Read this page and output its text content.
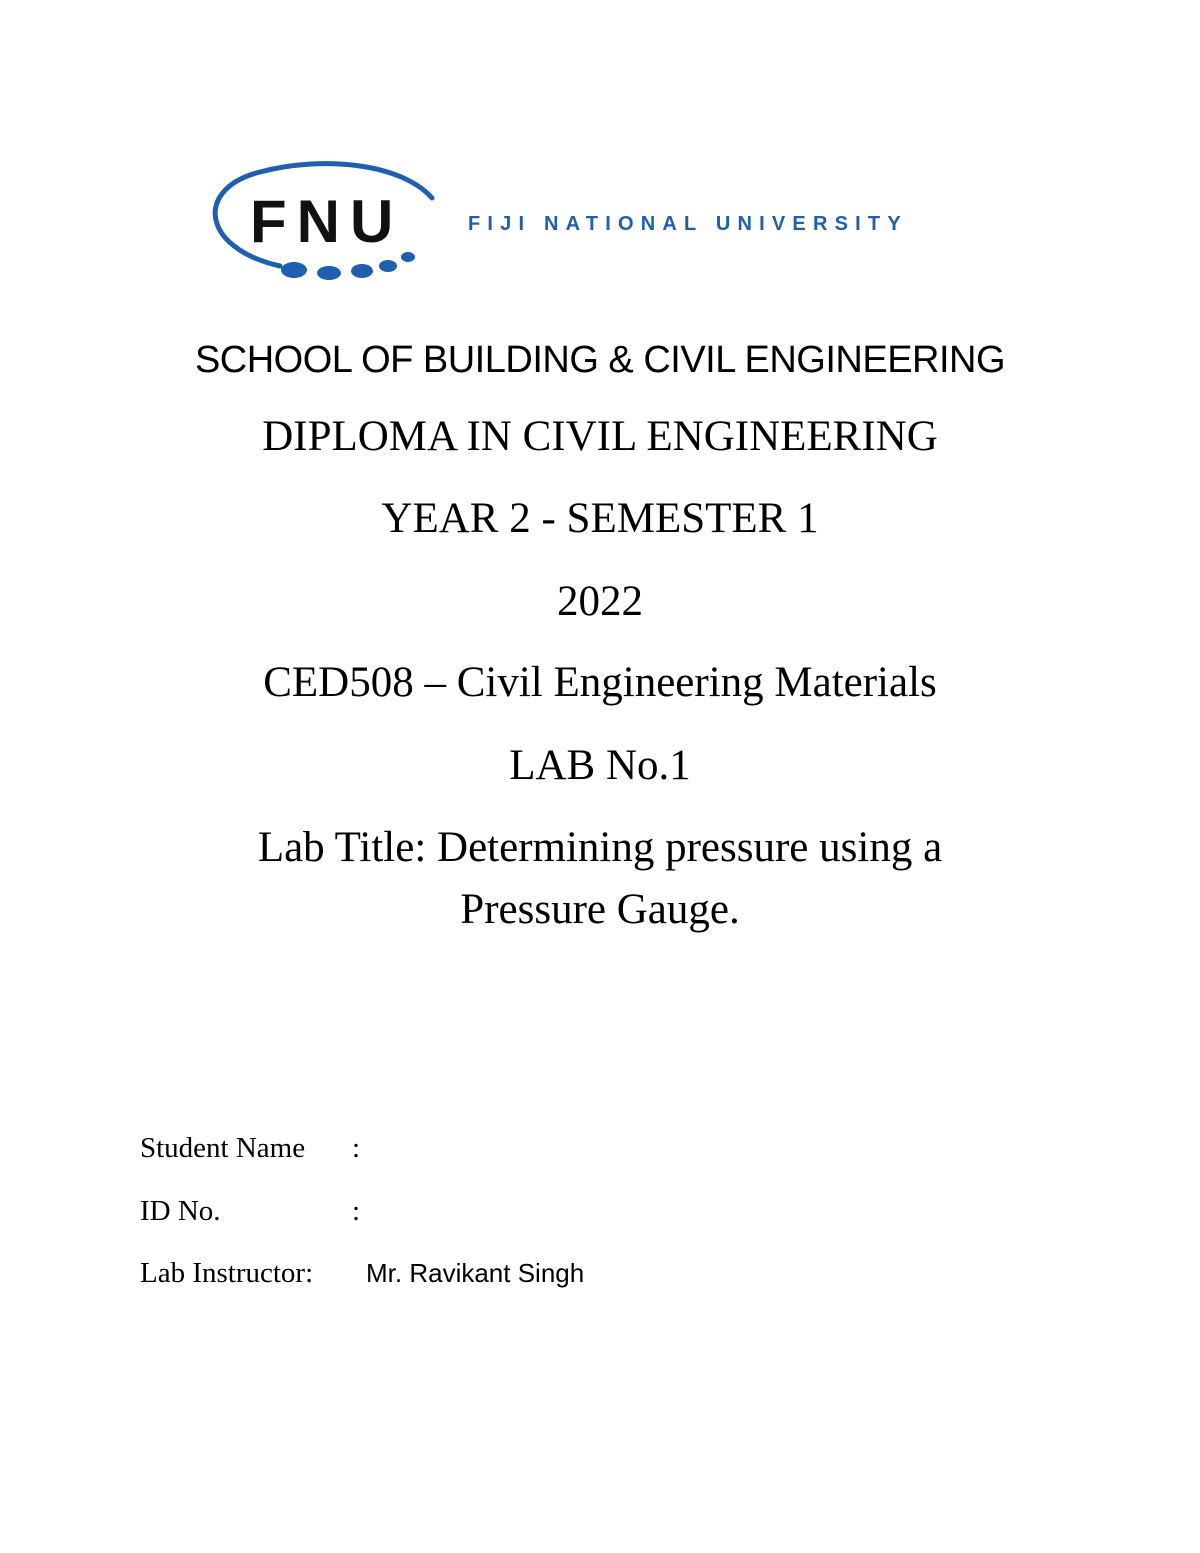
FNU	FIJI NATIONAL UNIVERSITY
SCHOOL OF BUILDING & CIVIL ENGINEERING
DIPLOMA IN CIVIL ENGINEERING
YEAR 2 - SEMESTER 1
2022
CED508 – Civil Engineering Materials
LAB No.1
Lab Title: Determining pressure using a
Pressure Gauge.
Student Name :
ID No.	:
Lab Instructor: Mr. Ravikant Singh
